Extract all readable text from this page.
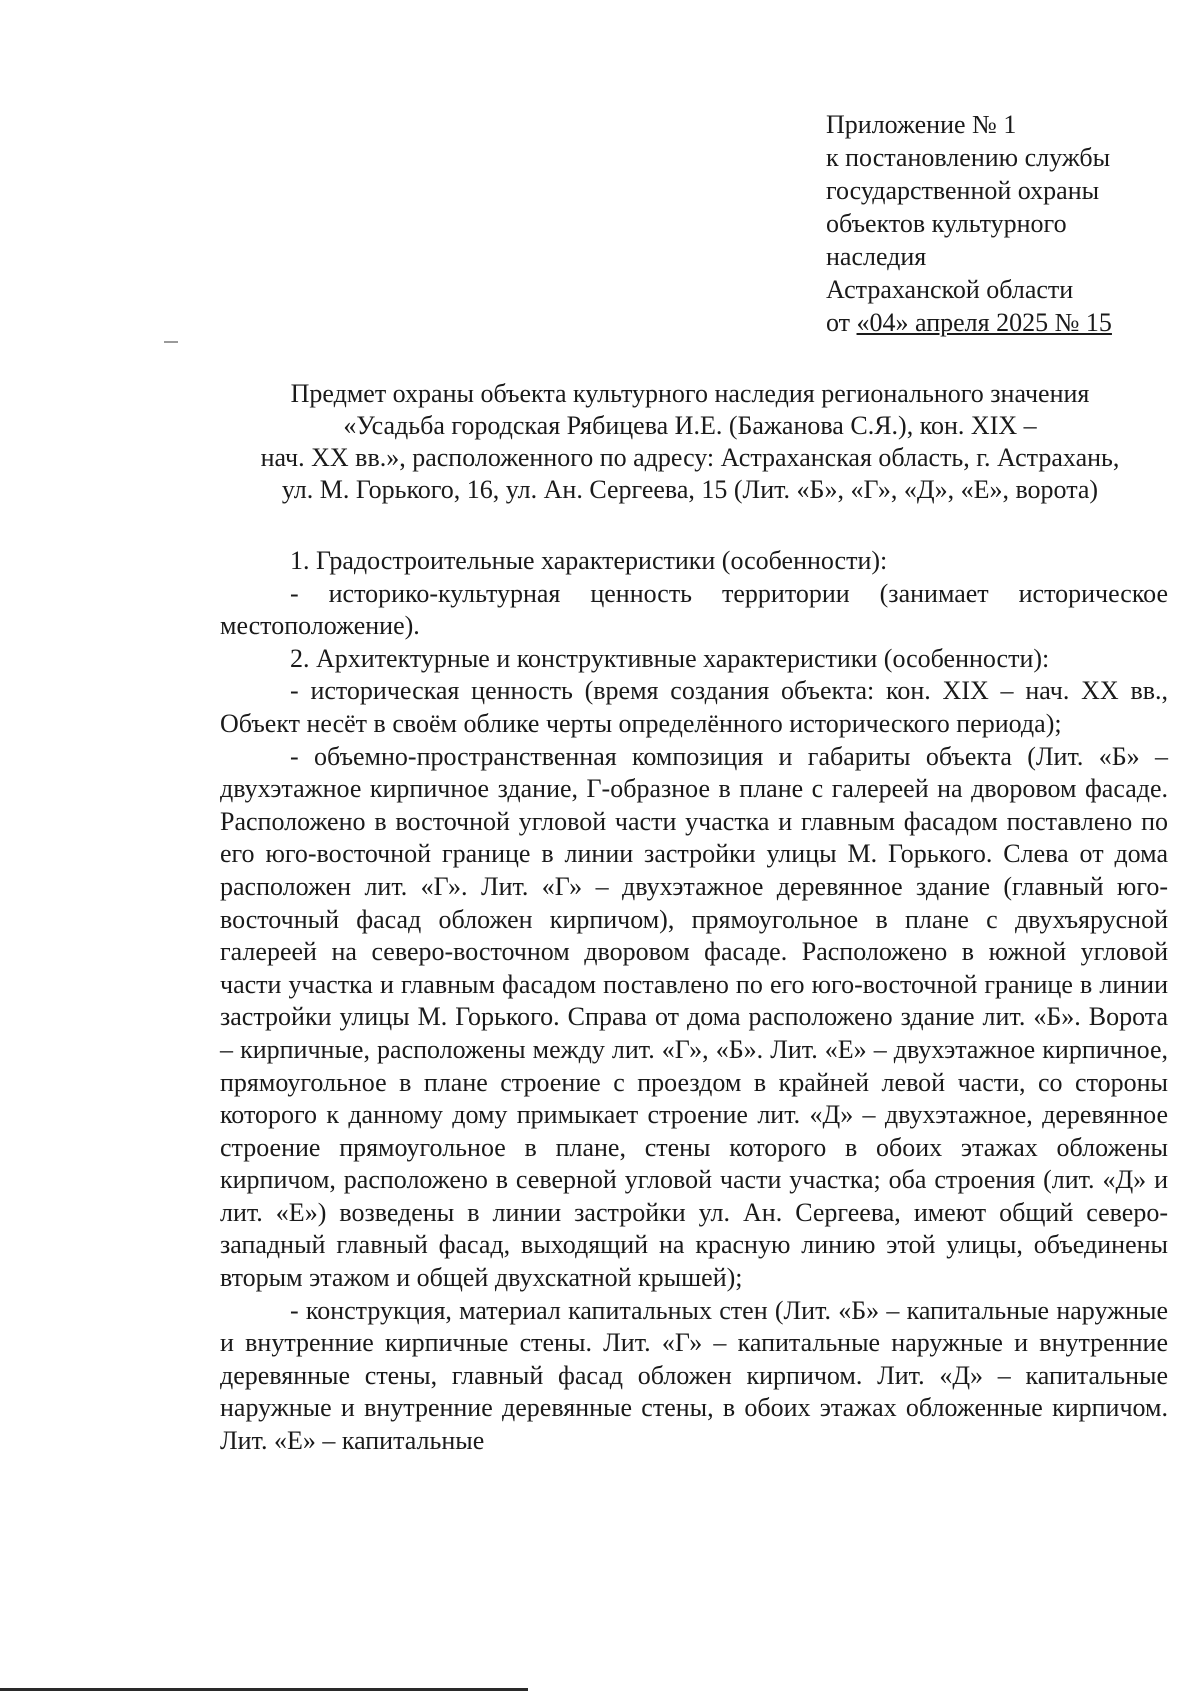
Приложение № 1
к постановлению службы
государственной охраны
объектов культурного
наследия
Астраханской области
от «04» апреля 2025 № 15
Предмет охраны объекта культурного наследия регионального значения
«Усадьба городская Рябицева И.Е. (Бажанова С.Я.), кон. XIX –
нач. XX вв.», расположенного по адресу: Астраханская область, г. Астрахань,
ул. М. Горького, 16, ул. Ан. Сергеева, 15 (Лит. «Б», «Г», «Д», «Е», ворота)

1. Градостроительные характеристики (особенности):

- историко-культурная ценность территории (занимает историческое местоположение).

2. Архитектурные и конструктивные характеристики (особенности):

- историческая ценность (время создания объекта: кон. XIX – нач. XX вв., Объект несёт в своём облике черты определённого исторического периода);

- объемно-пространственная композиция и габариты объекта (Лит. «Б» – двухэтажное кирпичное здание, Г-образное в плане с галереей на дворовом фасаде. Расположено в восточной угловой части участка и главным фасадом поставлено по его юго-восточной границе в линии застройки улицы М. Горького. Слева от дома расположен лит. «Г». Лит. «Г» – двухэтажное деревянное здание (главный юго-восточный фасад обложен кирпичом), прямоугольное в плане с двухъярусной галереей на северо-восточном дворовом фасаде. Расположено в южной угловой части участка и главным фасадом поставлено по его юго-восточной границе в линии застройки улицы М. Горького. Справа от дома расположено здание лит. «Б». Ворота – кирпичные, расположены между лит. «Г», «Б». Лит. «Е» – двухэтажное кирпичное, прямоугольное в плане строение с проездом в крайней левой части, со стороны которого к данному дому примыкает строение лит. «Д» – двухэтажное, деревянное строение прямоугольное в плане, стены которого в обоих этажах обложены кирпичом, расположено в северной угловой части участка; оба строения (лит. «Д» и лит. «Е») возведены в линии застройки ул. Ан. Сергеева, имеют общий северо-западный главный фасад, выходящий на красную линию этой улицы, объединены вторым этажом и общей двухскатной крышей);

- конструкция, материал капитальных стен (Лит. «Б» – капитальные наружные и внутренние кирпичные стены. Лит. «Г» – капитальные наружные и внутренние деревянные стены, главный фасад обложен кирпичом. Лит. «Д» – капитальные наружные и внутренние деревянные стены, в обоих этажах обложенные кирпичом. Лит. «Е» – капитальные
